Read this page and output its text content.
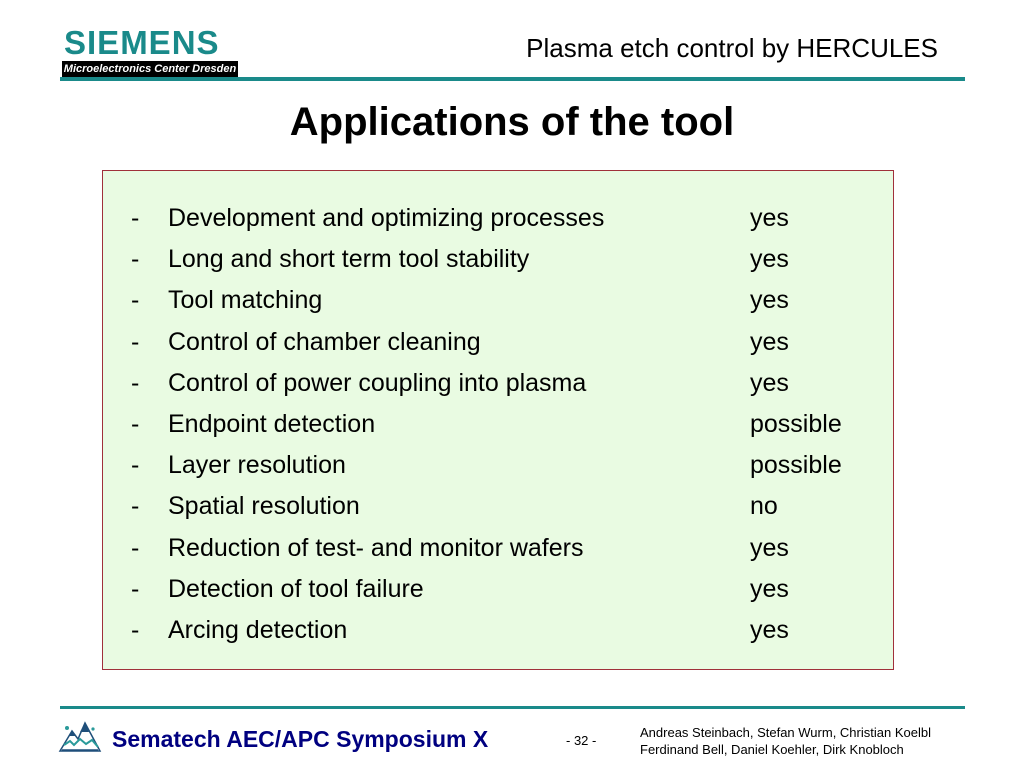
SIEMENS
Microelectronics Center Dresden
Plasma etch control by HERCULES
Applications of the tool
- Development and optimizing processes	yes
- Long and short term tool stability	yes
- Tool matching	yes
- Control of chamber cleaning	yes
- Control of power coupling into plasma	yes
- Endpoint detection	possible
- Layer resolution	possible
- Spatial resolution	no
- Reduction of test- and monitor wafers	yes
- Detection of tool failure	yes
- Arcing detection	yes
Sematech AEC/APC Symposium X	- 32 -
Andreas Steinbach, Stefan Wurm, Christian Koelbl
Ferdinand Bell, Daniel Koehler, Dirk Knobloch
